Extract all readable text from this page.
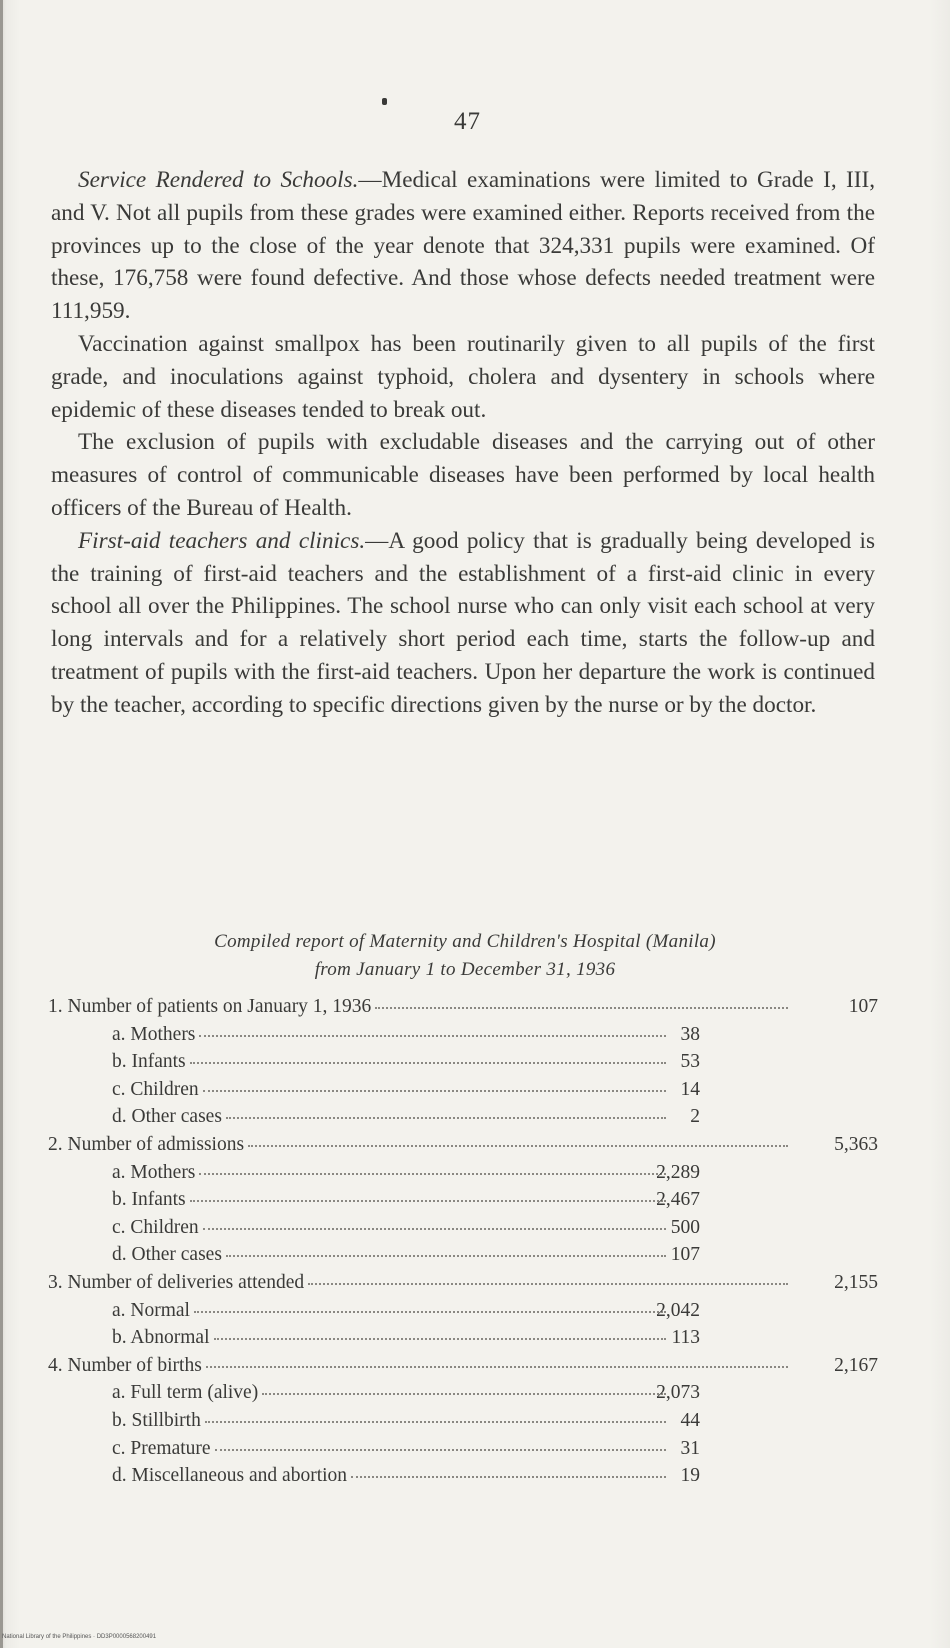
47

Service Rendered to Schools.—Medical examinations were limited to Grade I, III, and V. Not all pupils from these grades were examined either. Reports received from the provinces up to the close of the year denote that 324,331 pupils were examined. Of these, 176,758 were found defective. And those whose defects needed treatment were 111,959.

Vaccination against smallpox has been routinarily given to all pupils of the first grade, and inoculations against typhoid, cholera and dysentery in schools where epidemic of these diseases tended to break out.

The exclusion of pupils with excludable diseases and the carrying out of other measures of control of communicable diseases have been performed by local health officers of the Bureau of Health.

First-aid teachers and clinics.—A good policy that is gradually being developed is the training of first-aid teachers and the establishment of a first-aid clinic in every school all over the Philippines. The school nurse who can only visit each school at very long intervals and for a relatively short period each time, starts the follow-up and treatment of pupils with the first-aid teachers. Upon her departure the work is continued by the teacher, according to specific directions given by the nurse or by the doctor.

Compiled report of Maternity and Children's Hospital (Manila)
from January 1 to December 31, 1936
1. Number of patients on January 1, 1936	107
a. Mothers	38
b. Infants	53
c. Children	14
d. Other cases	2
2. Number of admissions	5,363
a. Mothers	2,289
b. Infants	2,467
c. Children	500
d. Other cases	107
3. Number of deliveries attended	2,155
a. Normal	2,042
b. Abnormal	113
4. Number of births	2,167
a. Full term (alive)	2,073
b. Stillbirth	44
c. Premature	31
d. Miscellaneous and abortion	19
National Library of the Philippines · DD3P0000568200491
